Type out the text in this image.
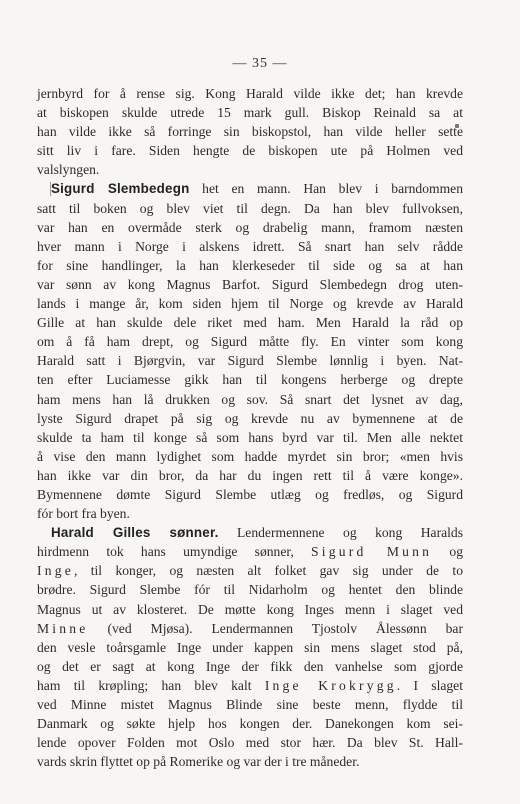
— 35 —
jernbyrd for å rense sig. Kong Harald vilde ikke det; han krevde
at biskopen skulde utrede 15 mark gull. Biskop Reinald sa at
han vilde ikke så forringe sin biskopstol, han vilde heller sette
sitt liv i fare. Siden hengte de biskopen ute på Holmen ved
valslyngen.
Sigurd Slembedegn het en mann. Han blev i barndommen
satt til boken og blev viet til degn. Da han blev fullvoksen,
var han en overmåde sterk og drabelig mann, framom næsten
hver mann i Norge i alskens idrett. Så snart han selv rådde
for sine handlinger, la han klerkeseder til side og sa at han
var sønn av kong Magnus Barfot. Sigurd Slembedegn drog uten-
lands i mange år, kom siden hjem til Norge og krevde av Harald
Gille at han skulde dele riket med ham. Men Harald la råd op
om å få ham drept, og Sigurd måtte fly. En vinter som kong
Harald satt i Bjørgvin, var Sigurd Slembe lønnlig i byen. Nat-
ten efter Luciamesse gikk han til kongens herberge og drepte
ham mens han lå drukken og sov. Så snart det lysnet av dag,
lyste Sigurd drapet på sig og krevde nu av bymennene at de
skulde ta ham til konge så som hans byrd var til. Men alle nektet
å vise den mann lydighet som hadde myrdet sin bror; «men hvis
han ikke var din bror, da har du ingen rett til å være konge».
Bymennene dømte Sigurd Slembe utlæg og fredløs, og Sigurd
fór bort fra byen.
Harald Gilles sønner. Lendermennene og kong Haralds
hirdmenn tok hans umyndige sønner, Sigurd Munn og
Inge, til konger, og næsten alt folket gav sig under de to
brødre. Sigurd Slembe fór til Nidarholm og hentet den blinde
Magnus ut av klosteret. De møtte kong Inges menn i slaget ved
Minne (ved Mjøsa). Lendermannen Tjostolv Ålessønn bar
den vesle toårsgamle Inge under kappen sin mens slaget stod på,
og det er sagt at kong Inge der fikk den vanhelse som gjorde
ham til krøpling; han blev kalt Inge Krokrygg. I slaget
ved Minne mistet Magnus Blinde sine beste menn, flydde til
Danmark og søkte hjelp hos kongen der. Danekongen kom sei-
lende opover Folden mot Oslo med stor hær. Da blev St. Hall-
vards skrin flyttet op på Romerike og var der i tre måneder.
